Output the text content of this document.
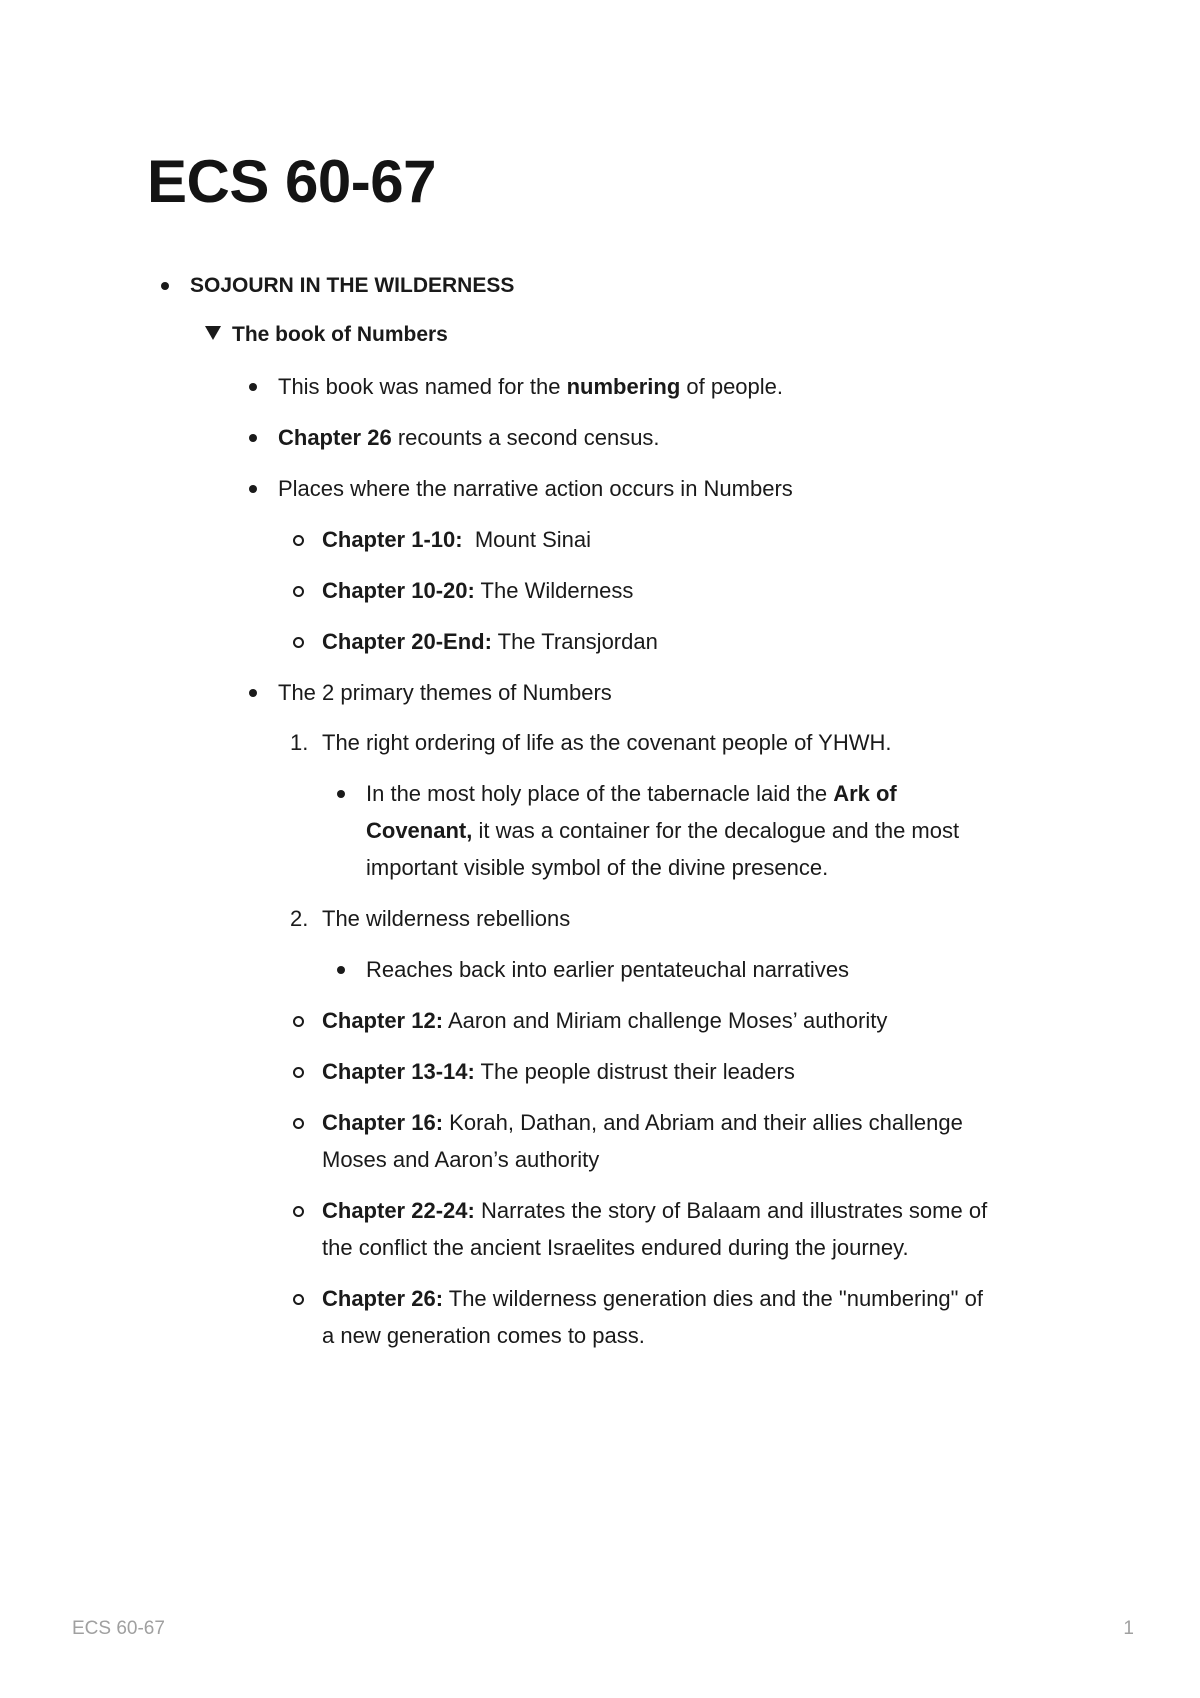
ECS 60-67
SOJOURN IN THE WILDERNESS
The book of Numbers
This book was named for the numbering of people.
Chapter 26 recounts a second census.
Places where the narrative action occurs in Numbers
Chapter 1-10:  Mount Sinai
Chapter 10-20: The Wilderness
Chapter 20-End: The Transjordan
The 2 primary themes of Numbers
1. The right ordering of life as the covenant people of YHWH.
In the most holy place of the tabernacle laid the Ark of
Covenant, it was a container for the decalogue and the most
important visible symbol of the divine presence.
2. The wilderness rebellions
Reaches back into earlier pentateuchal narratives
Chapter 12: Aaron and Miriam challenge Moses’ authority
Chapter 13-14: The people distrust their leaders
Chapter 16: Korah, Dathan, and Abriam and their allies challenge
Moses and Aaron’s authority
Chapter 22-24: Narrates the story of Balaam and illustrates some of
the conflict the ancient Israelites endured during the journey.
Chapter 26: The wilderness generation dies and the "numbering" of
a new generation comes to pass.
ECS 60-67	1
